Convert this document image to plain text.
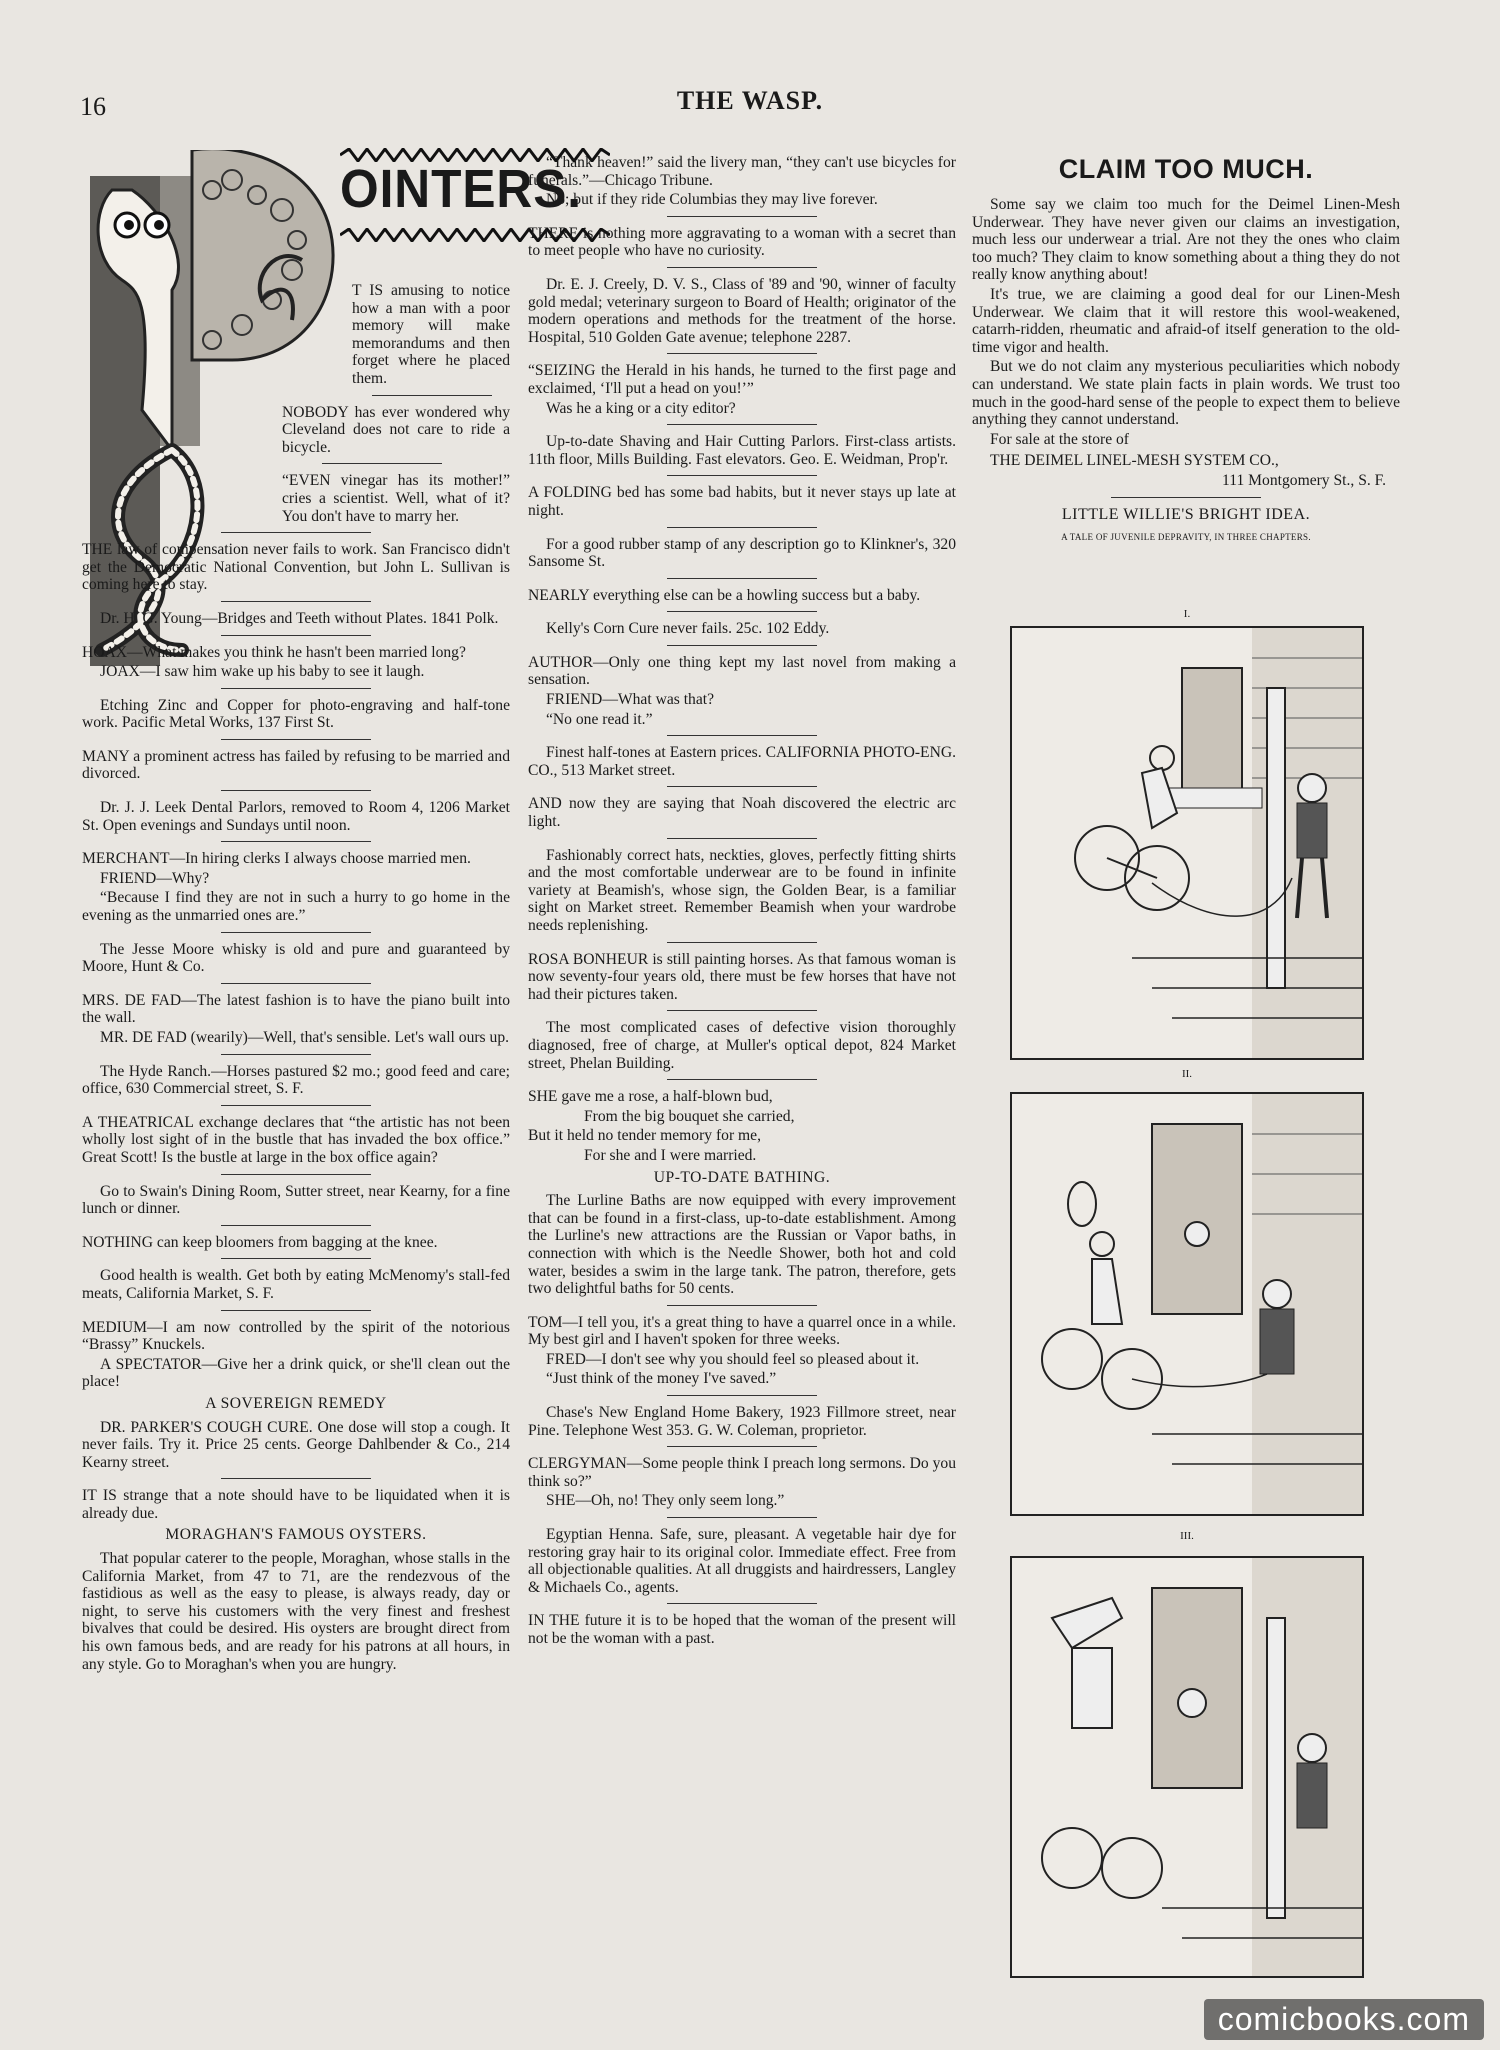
16	THE WASP.
OINTERS.

T IS amusing to notice how a man with a poor memory will make memorandums and then forget where he placed them.

NOBODY has ever wondered why Cleveland does not care to ride a bicycle.

“EVEN vinegar has its mother!” cries a scientist. Well, what of it? You don't have to marry her.

THE law of compensation never fails to work. San Francisco didn't get the Democratic National Convention, but John L. Sullivan is coming here to stay.

Dr. H. G. Young—Bridges and Teeth without Plates. 1841 Polk.

HOAX—What makes you think he hasn't been married long?

JOAX—I saw him wake up his baby to see it laugh.

Etching Zinc and Copper for photo-engraving and half-tone work. Pacific Metal Works, 137 First St.

MANY a prominent actress has failed by refusing to be married and divorced.

Dr. J. J. Leek Dental Parlors, removed to Room 4, 1206 Market St. Open evenings and Sundays until noon.

MERCHANT—In hiring clerks I always choose married men.

FRIEND—Why?

“Because I find they are not in such a hurry to go home in the evening as the unmarried ones are.”

The Jesse Moore whisky is old and pure and guaranteed by Moore, Hunt & Co.

MRS. DE FAD—The latest fashion is to have the piano built into the wall.

MR. DE FAD (wearily)—Well, that's sensible. Let's wall ours up.

The Hyde Ranch.—Horses pastured $2 mo.; good feed and care; office, 630 Commercial street, S. F.

A THEATRICAL exchange declares that “the artistic has not been wholly lost sight of in the bustle that has invaded the box office.” Great Scott! Is the bustle at large in the box office again?

Go to Swain's Dining Room, Sutter street, near Kearny, for a fine lunch or dinner.

NOTHING can keep bloomers from bagging at the knee.

Good health is wealth. Get both by eating McMenomy's stall-fed meats, California Market, S. F.

MEDIUM—I am now controlled by the spirit of the notorious “Brassy” Knuckels.

A SPECTATOR—Give her a drink quick, or she'll clean out the place!

A SOVEREIGN REMEDY

DR. PARKER'S COUGH CURE. One dose will stop a cough. It never fails. Try it. Price 25 cents. George Dahlbender & Co., 214 Kearny street.

IT IS strange that a note should have to be liquidated when it is already due.

MORAGHAN'S FAMOUS OYSTERS.

That popular caterer to the people, Moraghan, whose stalls in the California Market, from 47 to 71, are the rendezvous of the fastidious as well as the easy to please, is always ready, day or night, to serve his customers with the very finest and freshest bivalves that could be desired. His oysters are brought direct from his own famous beds, and are ready for his patrons at all hours, in any style. Go to Moraghan's when you are hungry.

“Thank heaven!” said the livery man, “they can't use bicycles for funerals.”—Chicago Tribune.

No; but if they ride Columbias they may live forever.

THERE is nothing more aggravating to a woman with a secret than to meet people who have no curiosity.

Dr. E. J. Creely, D. V. S., Class of '89 and '90, winner of faculty gold medal; veterinary surgeon to Board of Health; originator of the modern operations and methods for the treatment of the horse. Hospital, 510 Golden Gate avenue; telephone 2287.

“SEIZING the Herald in his hands, he turned to the first page and exclaimed, ‘I'll put a head on you!’”

Was he a king or a city editor?

Up-to-date Shaving and Hair Cutting Parlors. First-class artists. 11th floor, Mills Building. Fast elevators. Geo. E. Weidman, Prop'r.

A FOLDING bed has some bad habits, but it never stays up late at night.

For a good rubber stamp of any description go to Klinkner's, 320 Sansome St.

NEARLY everything else can be a howling success but a baby.

Kelly's Corn Cure never fails. 25c. 102 Eddy.

AUTHOR—Only one thing kept my last novel from making a sensation.

FRIEND—What was that?

“No one read it.”

Finest half-tones at Eastern prices. CALIFORNIA PHOTO-ENG. CO., 513 Market street.

AND now they are saying that Noah discovered the electric arc light.

Fashionably correct hats, neckties, gloves, perfectly fitting shirts and the most comfortable underwear are to be found in infinite variety at Beamish's, whose sign, the Golden Bear, is a familiar sight on Market street. Remember Beamish when your wardrobe needs replenishing.

ROSA BONHEUR is still painting horses. As that famous woman is now seventy-four years old, there must be few horses that have not had their pictures taken.

The most complicated cases of defective vision thoroughly diagnosed, free of charge, at Muller's optical depot, 824 Market street, Phelan Building.

SHE gave me a rose, a half-blown bud,

From the big bouquet she carried,

But it held no tender memory for me,

For she and I were married.

UP-TO-DATE BATHING.

The Lurline Baths are now equipped with every improvement that can be found in a first-class, up-to-date establishment. Among the Lurline's new attractions are the Russian or Vapor baths, in connection with which is the Needle Shower, both hot and cold water, besides a swim in the large tank. The patron, therefore, gets two delightful baths for 50 cents.

TOM—I tell you, it's a great thing to have a quarrel once in a while. My best girl and I haven't spoken for three weeks.

FRED—I don't see why you should feel so pleased about it.

“Just think of the money I've saved.”

Chase's New England Home Bakery, 1923 Fillmore street, near Pine. Telephone West 353. G. W. Coleman, proprietor.

CLERGYMAN—Some people think I preach long sermons. Do you think so?”

SHE—Oh, no! They only seem long.”

Egyptian Henna. Safe, sure, pleasant. A vegetable hair dye for restoring gray hair to its original color. Immediate effect. Free from all objectionable qualities. At all druggists and hairdressers, Langley & Michaels Co., agents.

IN THE future it is to be hoped that the woman of the present will not be the woman with a past.

CLAIM TOO MUCH.

Some say we claim too much for the Deimel Linen-Mesh Underwear. They have never given our claims an investigation, much less our underwear a trial. Are not they the ones who claim too much? They claim to know something about a thing they do not really know anything about!

It's true, we are claiming a good deal for our Linen-Mesh Underwear. We claim that it will restore this wool-weakened, catarrh-ridden, rheumatic and afraid-of itself generation to the old-time vigor and health.

But we do not claim any mysterious peculiarities which nobody can understand. We state plain facts in plain words. We trust too much in the good-hard sense of the people to expect them to believe anything they cannot understand.

For sale at the store of

THE DEIMEL LINEL-MESH SYSTEM CO.,

111 Montgomery St., S. F.

LITTLE WILLIE'S BRIGHT IDEA.
A TALE OF JUVENILE DEPRAVITY, IN THREE CHAPTERS.
I.
II.
III.
comicbooks.com
